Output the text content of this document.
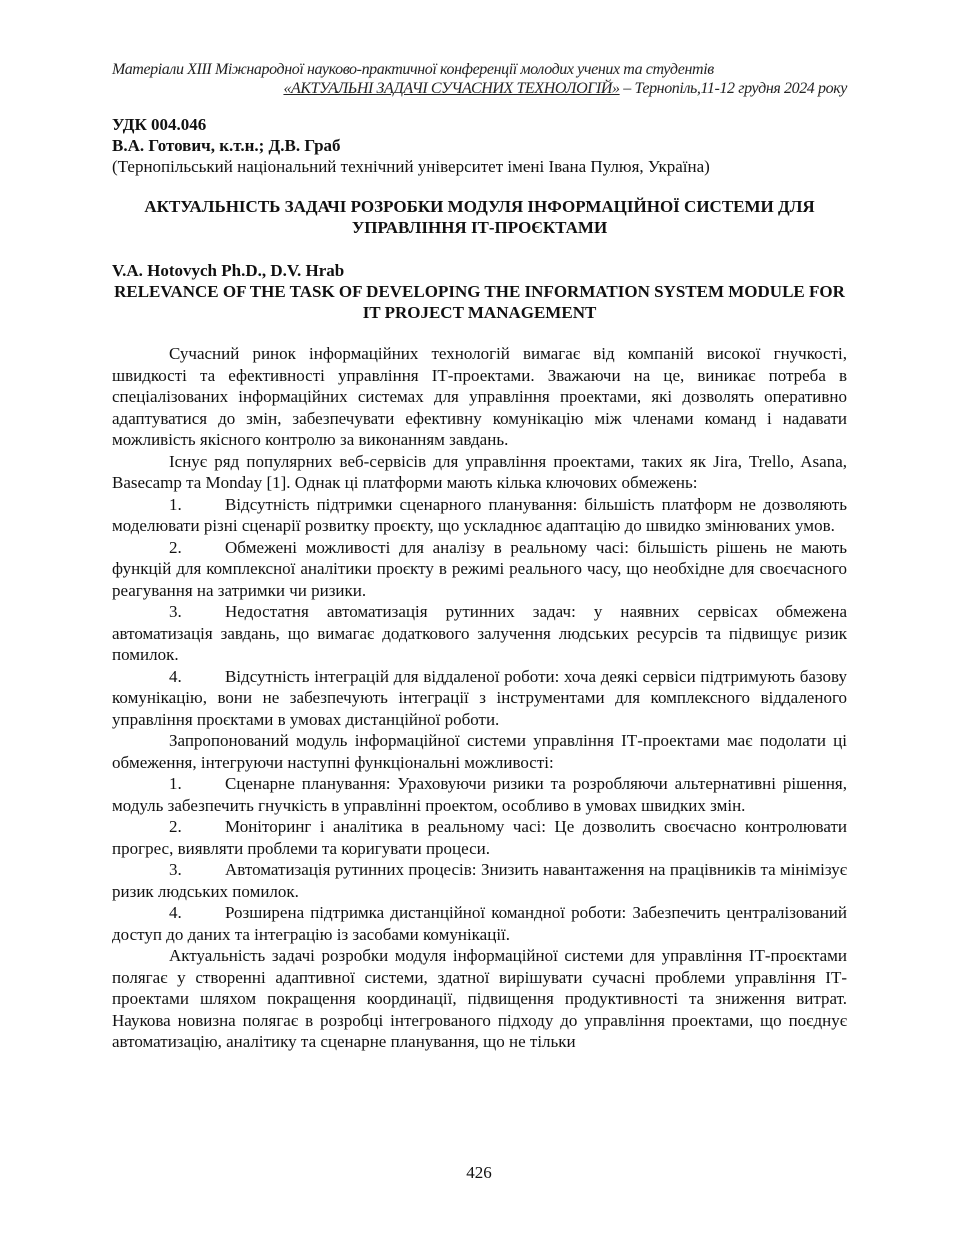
Матеріали XIII Міжнародної науково-практичної конференції молодих учених та студентів
«АКТУАЛЬНІ ЗАДАЧІ СУЧАСНИХ ТЕХНОЛОГІЙ» – Тернопіль,11-12 грудня 2024 року
УДК 004.046
В.А. Готович, к.т.н.; Д.В. Граб
(Тернопільський національний технічний університет імені Івана Пулюя, Україна)
АКТУАЛЬНІСТЬ ЗАДАЧІ РОЗРОБКИ МОДУЛЯ ІНФОРМАЦІЙНОЇ СИСТЕМИ ДЛЯ УПРАВЛІННЯ ІТ-ПРОЄКТАМИ
V.A. Hotovych Ph.D., D.V. Hrab
RELEVANCE OF THE TASK OF DEVELOPING THE INFORMATION SYSTEM MODULE FOR IT PROJECT MANAGEMENT

Сучасний ринок інформаційних технологій вимагає від компаній високої гнучкості, швидкості та ефективності управління ІТ-проектами. Зважаючи на це, виникає потреба в спеціалізованих інформаційних системах для управління проектами, які дозволять оперативно адаптуватися до змін, забезпечувати ефективну комунікацію між членами команд і надавати можливість якісного контролю за виконанням завдань.

Існує ряд популярних веб-сервісів для управління проектами, таких як Jira, Trello, Asana, Basecamp та Monday [1]. Однак ці платформи мають кілька ключових обмежень:

1.	Відсутність підтримки сценарного планування: більшість платформ не дозволяють моделювати різні сценарії розвитку проєкту, що ускладнює адаптацію до швидко змінюваних умов.

2.	Обмежені можливості для аналізу в реальному часі: більшість рішень не мають функцій для комплексної аналітики проєкту в режимі реального часу, що необхідне для своєчасного реагування на затримки чи ризики.

3.	Недостатня автоматизація рутинних задач: у наявних сервісах обмежена автоматизація завдань, що вимагає додаткового залучення людських ресурсів та підвищує ризик помилок.

4.	Відсутність інтеграцій для віддаленої роботи: хоча деякі сервіси підтримують базову комунікацію, вони не забезпечують інтеграції з інструментами для комплексного віддаленого управління проєктами в умовах дистанційної роботи.

Запропонований модуль інформаційної системи управління ІТ-проектами має подолати ці обмеження, інтегруючи наступні функціональні можливості:

1.	Сценарне планування: Ураховуючи ризики та розробляючи альтернативні рішення, модуль забезпечить гнучкість в управлінні проектом, особливо в умовах швидких змін.

2.	Моніторинг і аналітика в реальному часі: Це дозволить своєчасно контролювати прогрес, виявляти проблеми та коригувати процеси.

3.	Автоматизація рутинних процесів: Знизить навантаження на працівників та мінімізує ризик людських помилок.

4.	Розширена підтримка дистанційної командної роботи: Забезпечить централізований доступ до даних та інтеграцію із засобами комунікації.

Актуальність задачі розробки модуля інформаційної системи для управління ІТ-проєктами полягає у створенні адаптивної системи, здатної вирішувати сучасні проблеми управління ІТ-проектами шляхом покращення координації, підвищення продуктивності та зниження витрат. Наукова новизна полягає в розробці інтегрованого підходу до управління проектами, що поєднує автоматизацію, аналітику та сценарне планування, що не тільки

426
